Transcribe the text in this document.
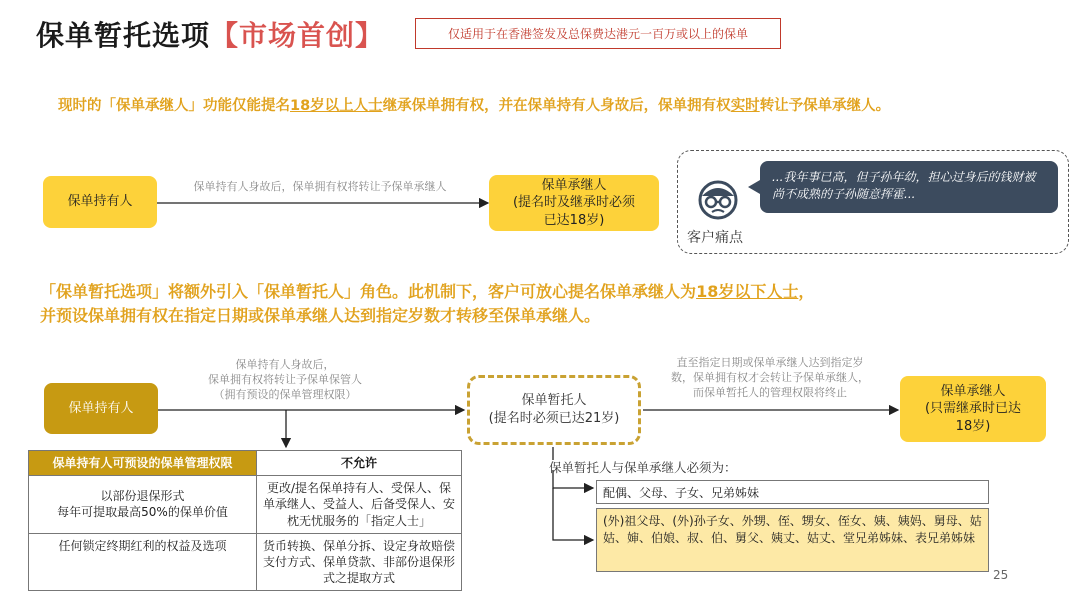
保单暂托选项【市场首创】	仅适用于在香港签发及总保费达港元一百万或以上的保单
现时的「保单承继人」功能仅能提名18岁以上人士继承保单拥有权，并在保单持有人身故后，保单拥有权实时转让予保单承继人。
保单持有人
保单持有人身故后，保单拥有权将转让予保单承继人	保单承继人
(提名时及继承时必须
已达18岁)
...我年事已高，但子孙年幼，担心过身后的钱财被尚不成熟的子孙随意挥霍...
客户痛点
「保单暂托选项」将额外引入「保单暂托人」角色。此机制下，客户可放心提名保单承继人为18岁以下人士，
并预设保单拥有权在指定日期或保单承继人达到指定岁数才转移至保单承继人。
保单持有人
保单持有人身故后，
保单拥有权将转让予保单保管人
（拥有预设的保单管理权限）	保单暂托人
(提名时必须已达21岁)
直至指定日期或保单承继人达到指定岁
数，保单拥有权才会转让予保单承继人，
而保单暂托人的管理权限将终止	保单承继人
(只需继承时已达
18岁)
保单持有人可预设的保单管理权限	不允许

以部份退保形式
每年可提取最高50%的保单价值	更改/提名保单持有人、受保人、保单承继人、受益人、后备受保人、安枕无忧服务的「指定人士」

任何锁定终期红利的权益及选项	货币转换、保单分拆、设定身故赔偿支付方式、保单贷款、非部份退保形式之提取方式
保单暂托人与保单承继人必须为：
配偶、父母、子女、兄弟姊妹
(外)祖父母、(外)孙子女、外甥、侄、甥女、侄女、姨、姨妈、舅母、姑姑、婶、伯娘、叔、伯、舅父、姨丈、姑丈、堂兄弟姊妹、表兄弟姊妹
25
